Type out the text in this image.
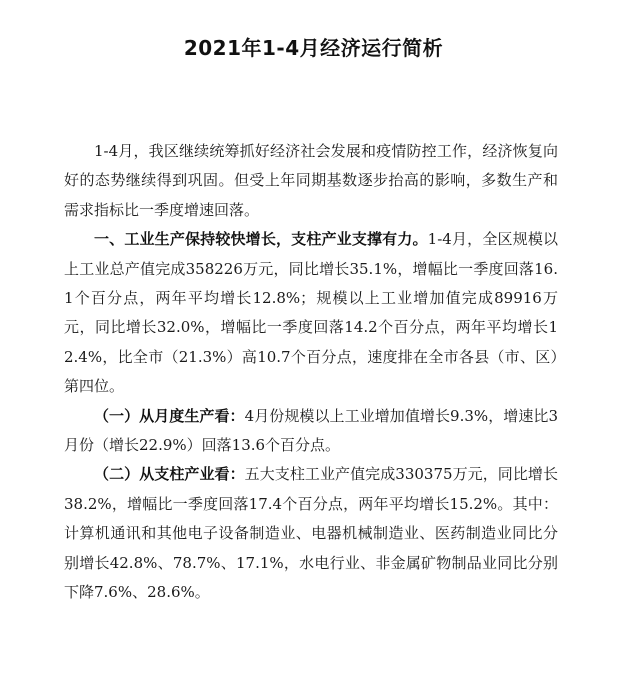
2021年1-4月经济运行简析

1-4月，我区继续统筹抓好经济社会发展和疫情防控工作，经济恢复向好的态势继续得到巩固。但受上年同期基数逐步抬高的影响，多数生产和需求指标比一季度增速回落。

一、工业生产保持较快增长，支柱产业支撑有力。1-4月，全区规模以上工业总产值完成358226万元，同比增长35.1%，增幅比一季度回落16.1个百分点，两年平均增长12.8%；规模以上工业增加值完成89916万元，同比增长32.0%，增幅比一季度回落14.2个百分点，两年平均增长12.4%，比全市（21.3%）高10.7个百分点，速度排在全市各县（市、区）第四位。

（一）从月度生产看：4月份规模以上工业增加值增长9.3%，增速比3月份（增长22.9%）回落13.6个百分点。

（二）从支柱产业看：五大支柱工业产值完成330375万元，同比增长38.2%，增幅比一季度回落17.4个百分点，两年平均增长15.2%。其中：计算机通讯和其他电子设备制造业、电器机械制造业、医药制造业同比分别增长42.8%、78.7%、17.1%，水电行业、非金属矿物制品业同比分别下降7.6%、28.6%。
